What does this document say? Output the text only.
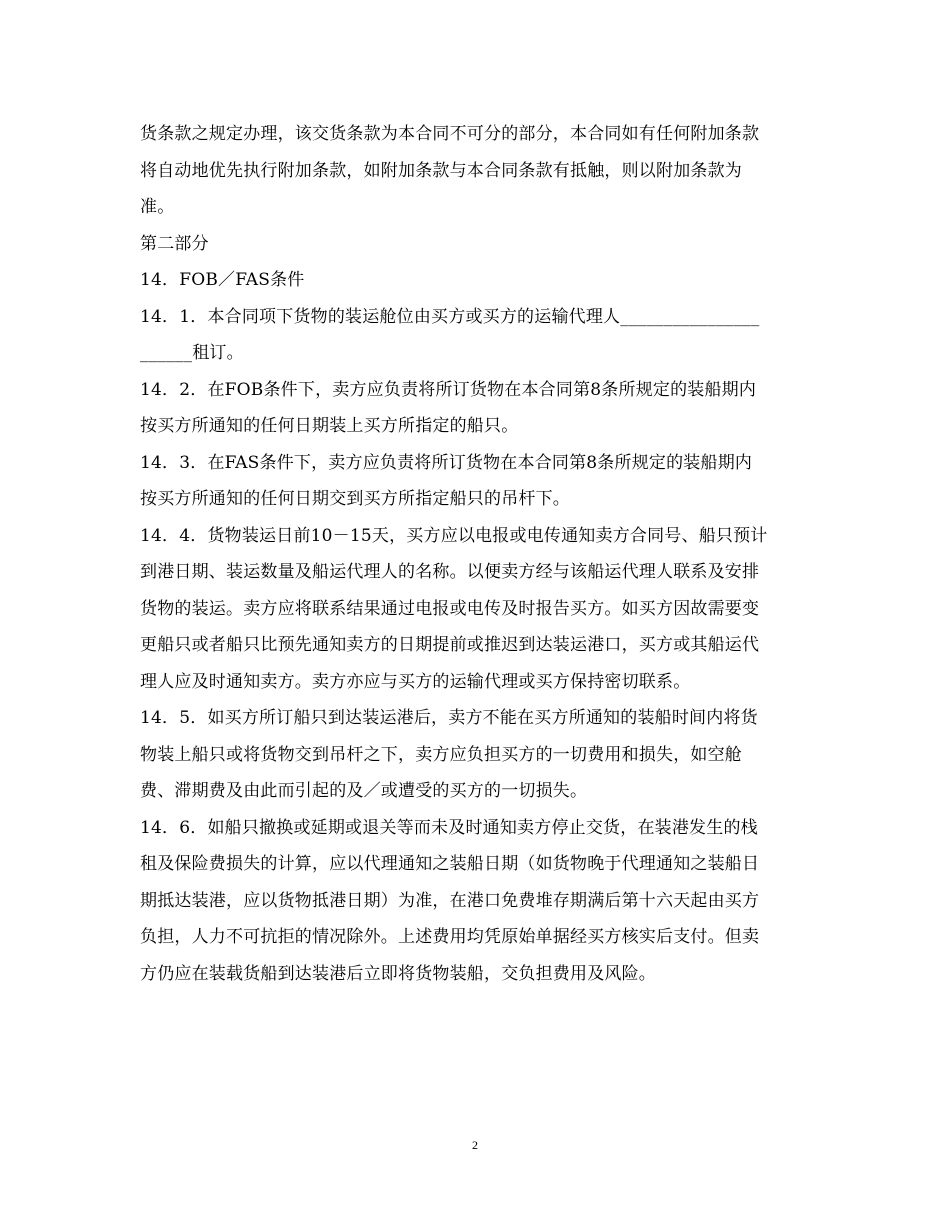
货条款之规定办理，该交货条款为本合同不可分的部分，本合同如有任何附加条款
将自动地优先执行附加条款，如附加条款与本合同条款有抵触，则以附加条款为
准。
第二部分
14．FOB／FAS条件
14．1．本合同项下货物的装运舱位由买方或买方的运输代理人________________
______租订。
14．2．在FOB条件下，卖方应负责将所订货物在本合同第8条所规定的装船期内
按买方所通知的任何日期装上买方所指定的船只。
14．3．在FAS条件下，卖方应负责将所订货物在本合同第8条所规定的装船期内
按买方所通知的任何日期交到买方所指定船只的吊杆下。
14．4．货物装运日前10－15天，买方应以电报或电传通知卖方合同号、船只预计
到港日期、装运数量及船运代理人的名称。以便卖方经与该船运代理人联系及安排
货物的装运。卖方应将联系结果通过电报或电传及时报告买方。如买方因故需要变
更船只或者船只比预先通知卖方的日期提前或推迟到达装运港口，买方或其船运代
理人应及时通知卖方。卖方亦应与买方的运输代理或买方保持密切联系。
14．5．如买方所订船只到达装运港后，卖方不能在买方所通知的装船时间内将货
物装上船只或将货物交到吊杆之下，卖方应负担买方的一切费用和损失，如空舱
费、滞期费及由此而引起的及／或遭受的买方的一切损失。
14．6．如船只撤换或延期或退关等而未及时通知卖方停止交货，在装港发生的栈
租及保险费损失的计算，应以代理通知之装船日期（如货物晚于代理通知之装船日
期抵达装港，应以货物抵港日期）为准，在港口免费堆存期满后第十六天起由买方
负担，人力不可抗拒的情况除外。上述费用均凭原始单据经买方核实后支付。但卖
方仍应在装载货船到达装港后立即将货物装船，交负担费用及风险。
2
